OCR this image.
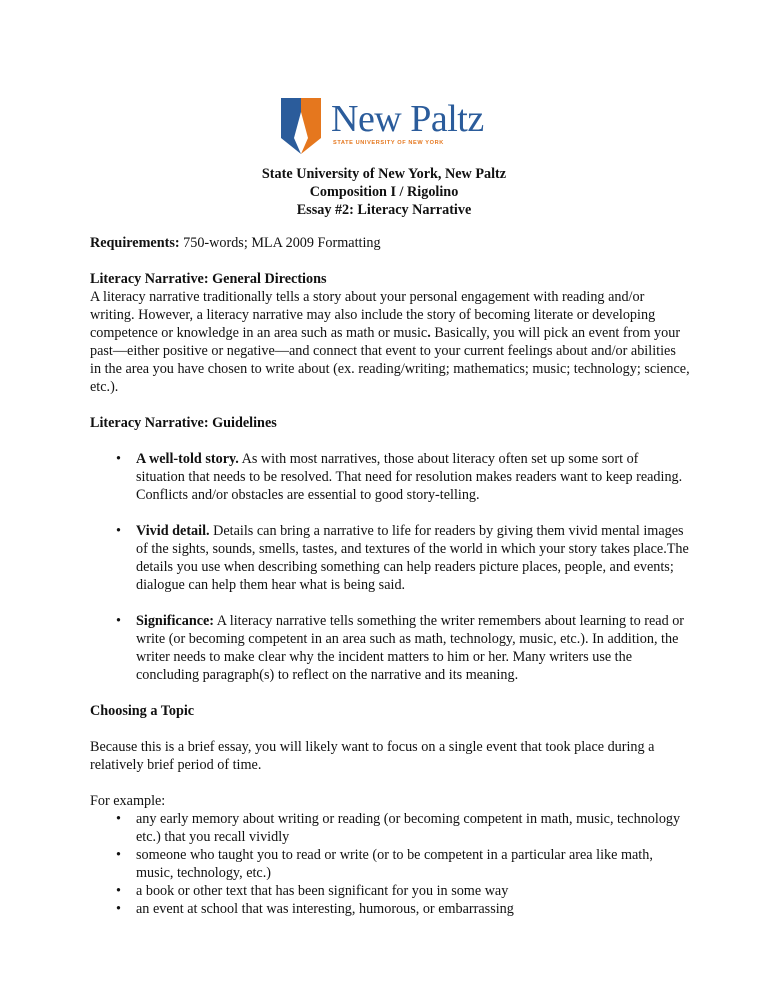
New Paltz
STATE UNIVERSITY OF NEW YORK
State University of New York, New Paltz
Composition I / Rigolino
Essay #2: Literacy Narrative

Requirements: 750-words; MLA 2009 Formatting

Literacy Narrative: General Directions

A literacy narrative traditionally tells a story about your personal engagement with reading and/or writing. However, a literacy narrative may also include the story of becoming literate or developing competence or knowledge in an area such as math or music. Basically, you will pick an event from your past—either positive or negative—and connect that event to your current feelings about and/or abilities in the area you have chosen to write about (ex. reading/writing; mathematics; music; technology; science, etc.).

Literacy Narrative: Guidelines

• A well-told story. As with most narratives, those about literacy often set up some sort of situation that needs to be resolved. That need for resolution makes readers want to keep reading. Conflicts and/or obstacles are essential to good story-telling.
• Vivid detail. Details can bring a narrative to life for readers by giving them vivid mental images of the sights, sounds, smells, tastes, and textures of the world in which your story takes place.The details you use when describing something can help readers picture places, people, and events; dialogue can help them hear what is being said.
• Significance: A literacy narrative tells something the writer remembers about learning to read or write (or becoming competent in an area such as math, technology, music, etc.). In addition, the writer needs to make clear why the incident matters to him or her. Many writers use the concluding paragraph(s) to reflect on the narrative and its meaning.

Choosing a Topic

Because this is a brief essay, you will likely want to focus on a single event that took place during a relatively brief period of time.

For example:

• any early memory about writing or reading (or becoming competent in math, music, technology etc.) that you recall vividly
• someone who taught you to read or write (or to be competent in a particular area like math, music, technology, etc.)
• a book or other text that has been significant for you in some way
• an event at school that was interesting, humorous, or embarrassing
